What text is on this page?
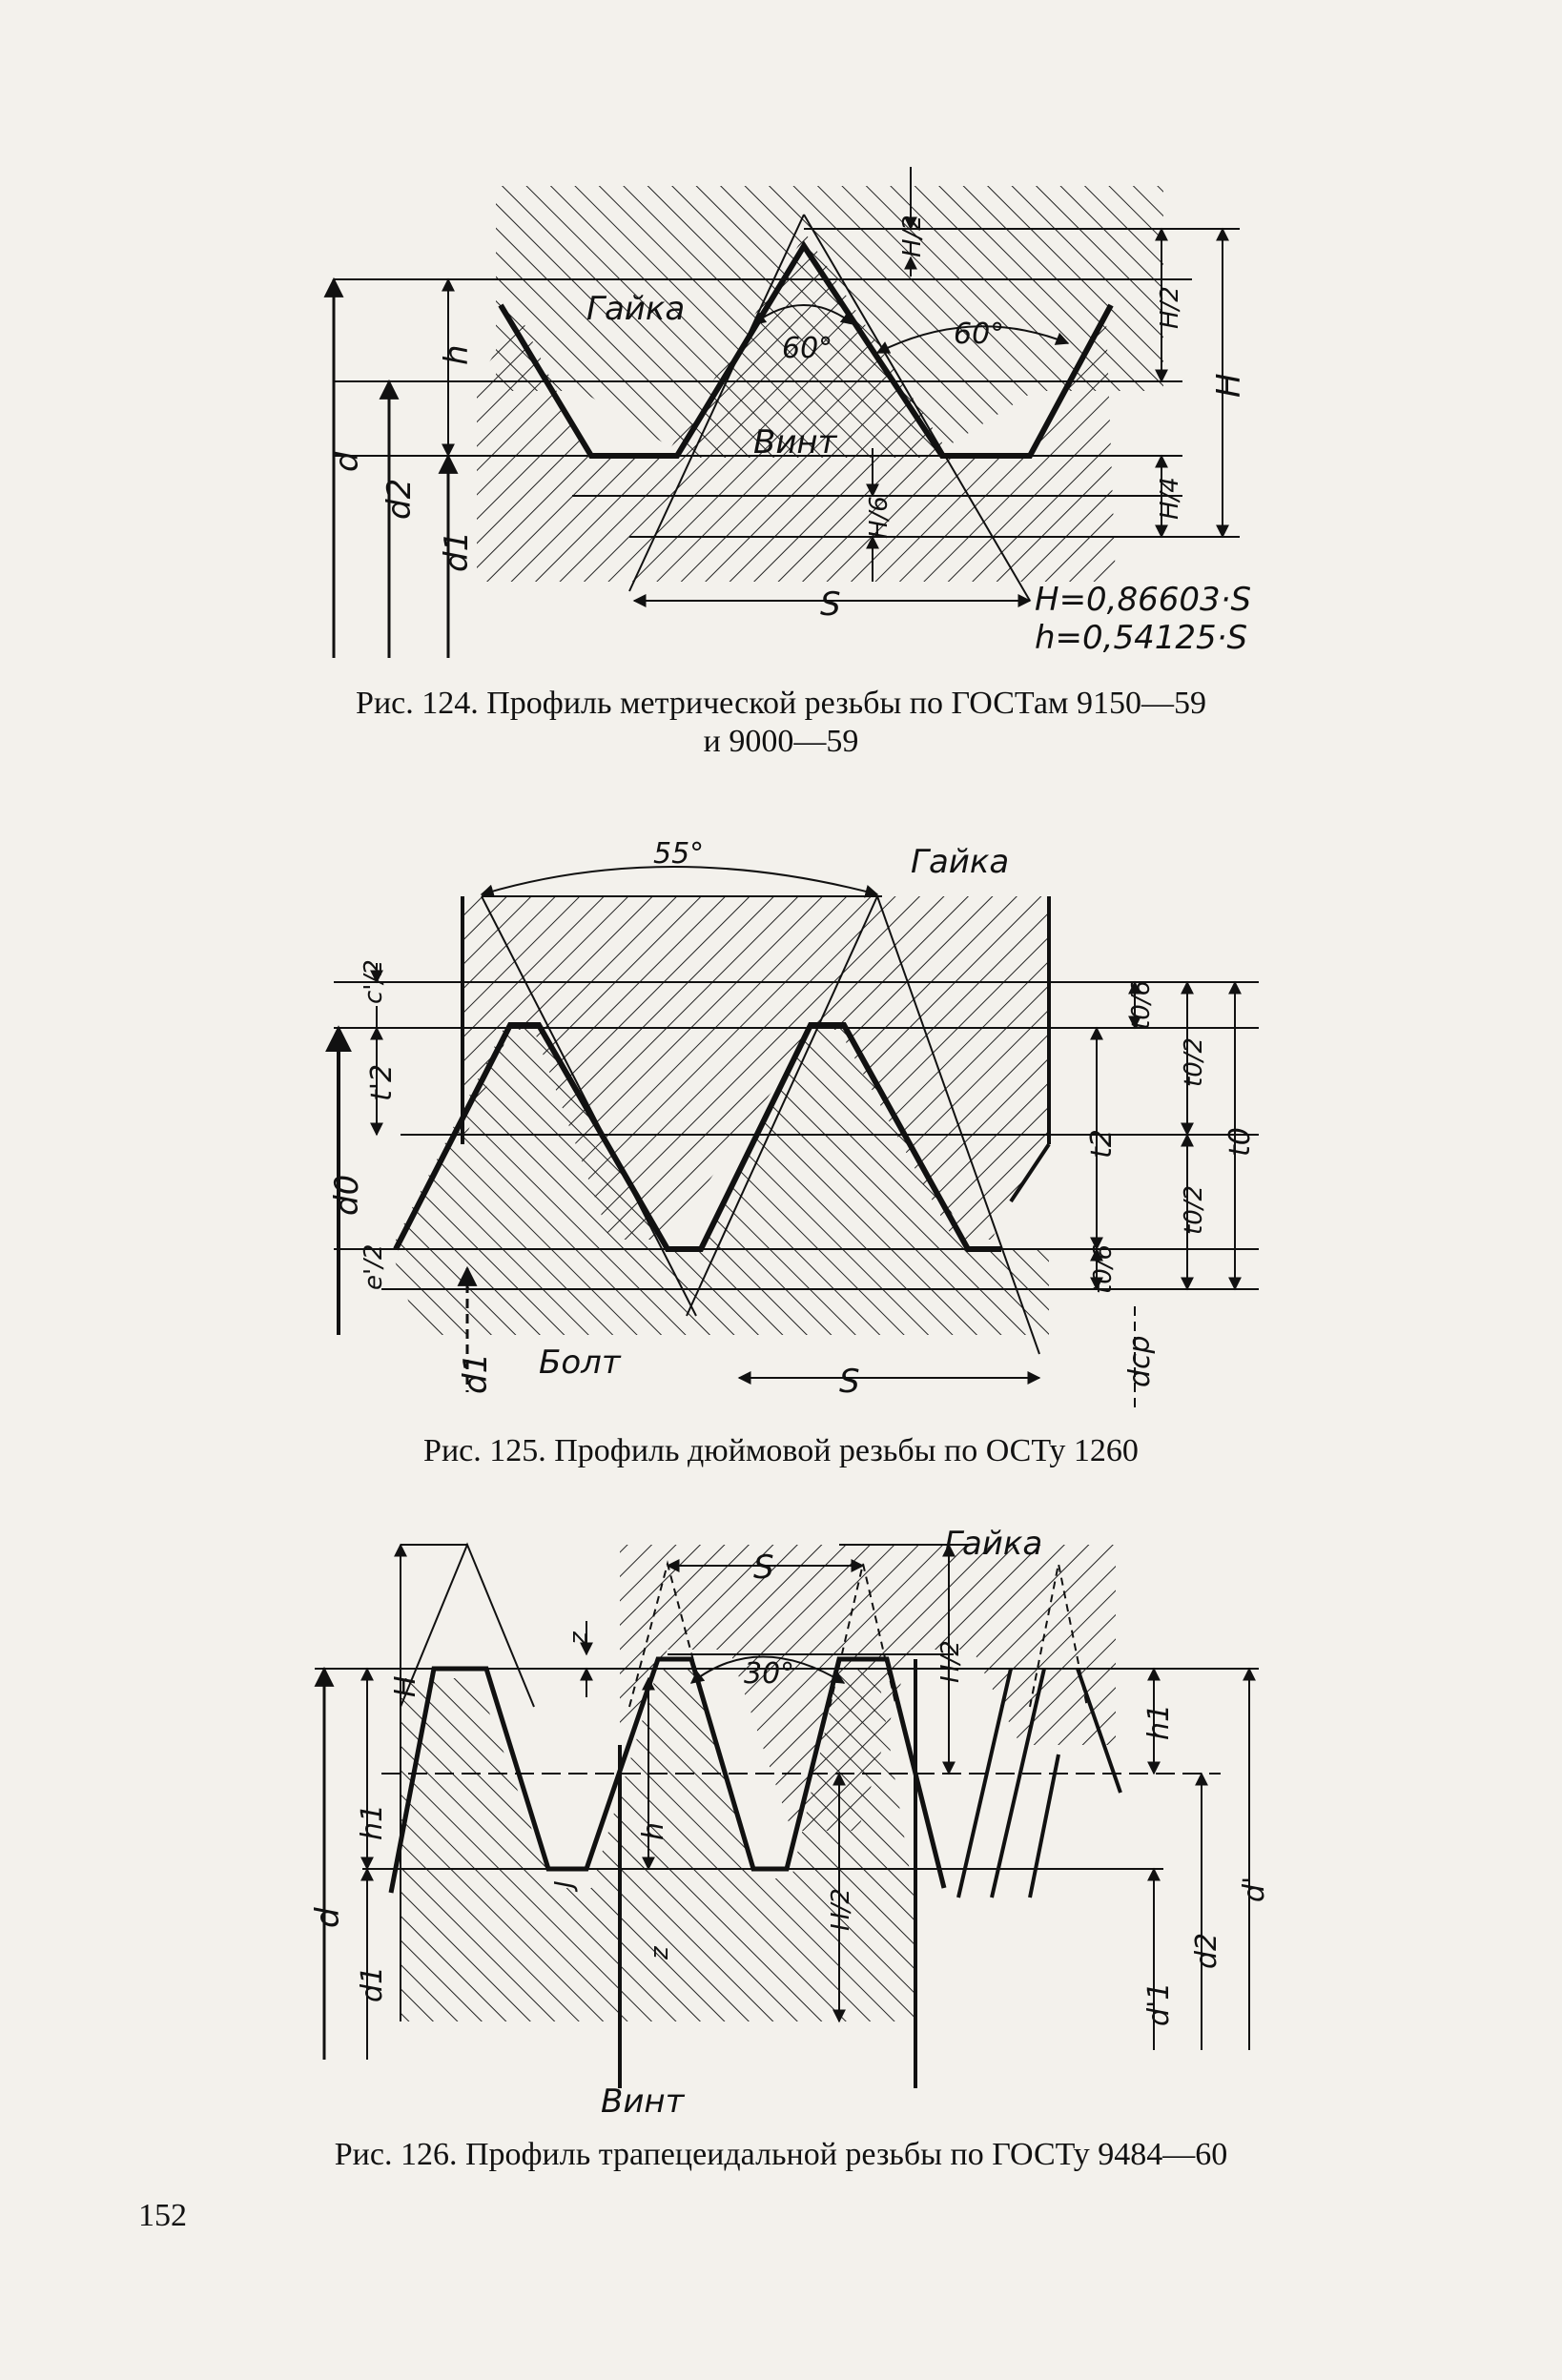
Гайка
Винт
60°	60°
S
d
d2
d1
h
H
H/2
H/2
H/4
H/6
H=0,86603·S
h=0,54125·S
Рис. 124. Профиль метрической резьбы по ГОСТам 9150—59
и 9000—59
Гайка
Болт
55°
S
c'/2
t'2
d0
e'/2
d1
t0/6
t0/2
t2	t0
t0/2
t0/6
dcp
Рис. 125. Профиль дюймовой резьбы по ОСТу 1260
Гайка
Винт
30°
S
H
h1
d
d1
J
z
z
h
H/2
H/2
h1
d'1
d2
d'
Рис. 126. Профиль трапецеидальной резьбы по ГОСТу 9484—60
152
